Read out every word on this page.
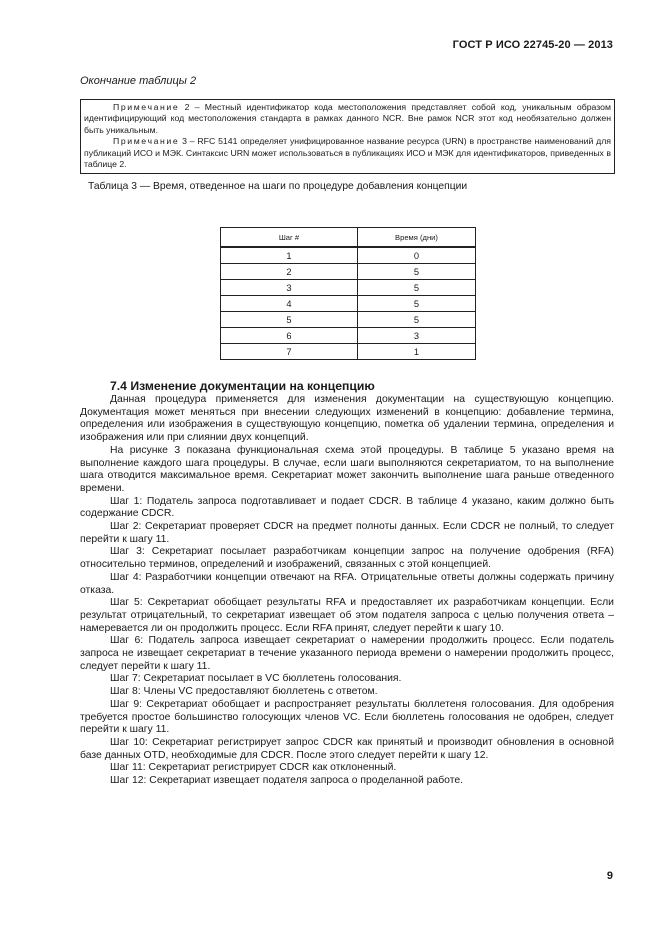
ГОСТ Р ИСО 22745-20 — 2013
Окончание таблицы 2

Примечание 2 – Местный идентификатор кода местоположения представляет собой код, уникальным образом идентифицирующий код местоположения стандарта в рамках данного NCR. Вне рамок NCR этот код необязательно должен быть уникальным.

Примечание 3 – RFC 5141 определяет унифицированное название ресурса (URN) в пространстве наименований для публикаций ИСО и МЭК. Синтаксис URN может использоваться в публикациях ИСО и МЭК для идентификаторов, приведенных в таблице 2.

Таблица 3 — Время, отведенное на шаги по процедуре добавления концепции
Шаг #	Время (дни)
1	0
2	5
3	5
4	5
5	5
6	3
7	1
7.4 Изменение документации на концепцию

Данная процедура применяется для изменения документации на существующую концепцию. Документация может меняться при внесении следующих изменений в концепцию: добавление термина, определения или изображения в существующую концепцию, пометка об удалении термина, определения и изображения или при слиянии двух концепций.

На рисунке 3 показана функциональная схема этой процедуры. В таблице 5 указано время на выполнение каждого шага процедуры. В случае, если шаги выполняются секретариатом, то на выполнение шага отводится максимальное время. Секретариат может закончить выполнение шага раньше отведенного времени.

Шаг 1: Податель запроса подготавливает и подает CDCR. В таблице 4 указано, каким должно быть содержание CDCR.

Шаг 2: Секретариат проверяет CDCR на предмет полноты данных. Если CDCR не полный, то следует перейти к шагу 11.

Шаг 3: Секретариат посылает разработчикам концепции запрос на получение одобрения (RFA) относительно терминов, определений и изображений, связанных с этой концепцией.

Шаг 4: Разработчики концепции отвечают на RFA. Отрицательные ответы должны содержать причину отказа.

Шаг 5: Секретариат обобщает результаты RFA и предоставляет их разработчикам концепции. Если результат отрицательный, то секретариат извещает об этом подателя запроса с целью получения ответа – намеревается ли он продолжить процесс. Если RFA принят, следует перейти к шагу 10.

Шаг 6: Податель запроса извещает секретариат о намерении продолжить процесс. Если податель запроса не извещает секретариат в течение указанного периода времени о намерении продолжить процесс, следует перейти к шагу 11.

Шаг 7: Секретариат посылает в VC бюллетень голосования.

Шаг 8: Члены VC предоставляют бюллетень с ответом.

Шаг 9: Секретариат обобщает и распространяет результаты бюллетеня голосования. Для одобрения требуется простое большинство голосующих членов VC. Если бюллетень голосования не одобрен, следует перейти к шагу 11.

Шаг 10: Секретариат регистрирует запрос CDCR как принятый и производит обновления в основной базе данных OTD, необходимые для CDCR. После этого следует перейти к шагу 12.

Шаг 11: Секретариат регистрирует CDCR как отклоненный.

Шаг 12: Секретариат извещает подателя запроса о проделанной работе.

9
